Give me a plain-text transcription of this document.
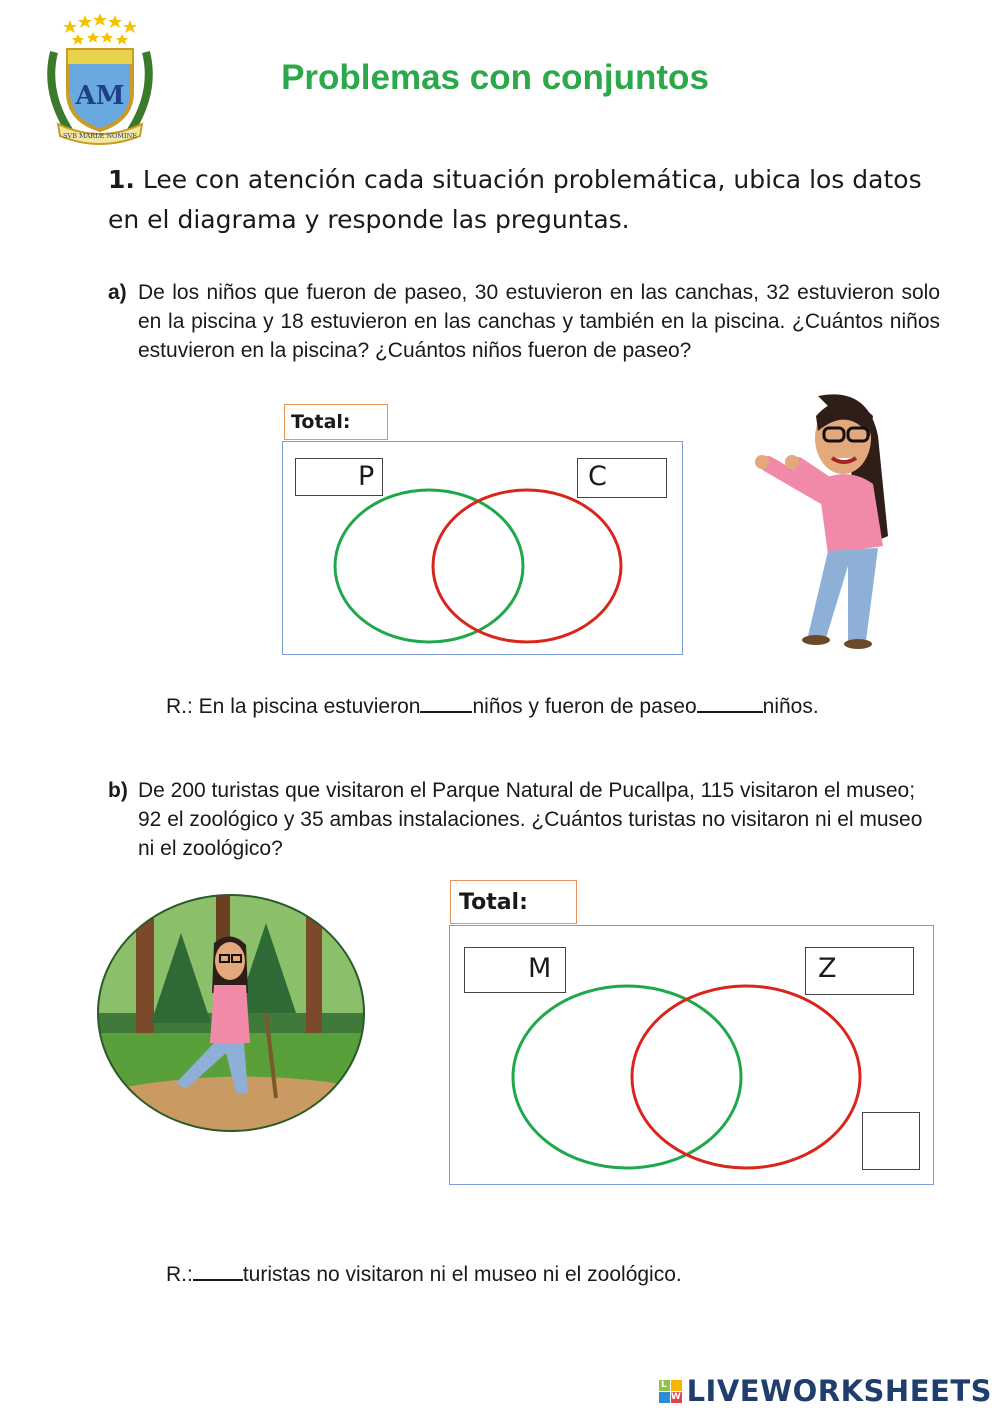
AM
SVB MARIÆ NOMINE
Problemas con conjuntos
1. Lee con atención cada situación problemática, ubica los datos en el diagrama y responde las preguntas.
a) De los niños que fueron de paseo, 30 estuvieron en las canchas, 32 estuvieron solo en la piscina y 18 estuvieron en las canchas y también en la piscina. ¿Cuántos niños estuvieron en la piscina? ¿Cuántos niños fueron de paseo?
Total:
P	C
R.: En la piscina estuvieron niños y fueron de paseo	niños.
b) De 200 turistas que visitaron el Parque Natural de Pucallpa, 115 visitaron el museo; 92 el zoológico y 35 ambas instalaciones. ¿Cuántos turistas no visitaron ni el museo ni el zoológico?
Total:
M	Z
R.: turistas no visitaron ni el museo ni el zoológico.
L
W LIVEWORKSHEETS
